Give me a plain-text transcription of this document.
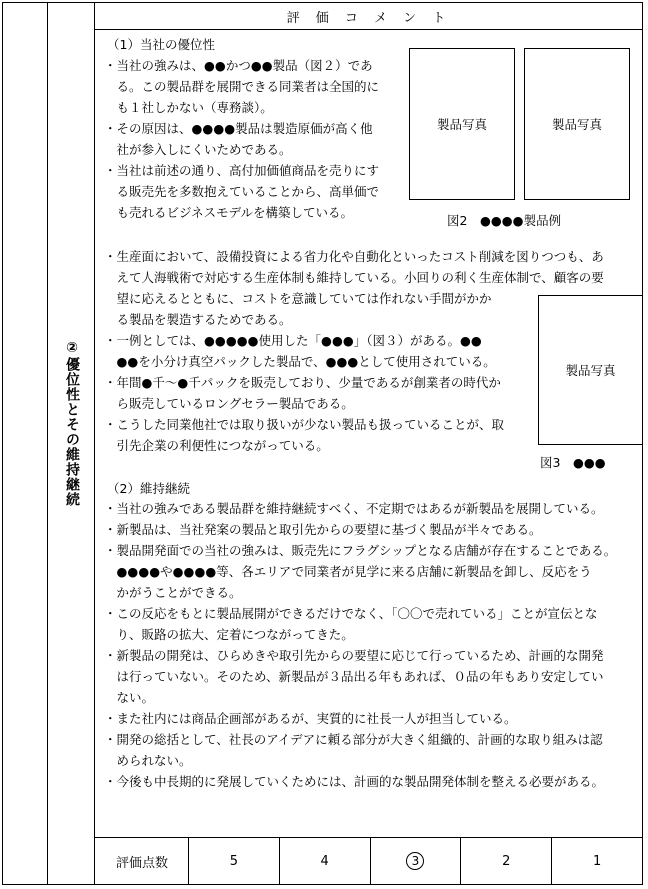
②優位性とその維持継続
評 価 コ メ ン ト
（1）当社の優位性
・当社の強みは、●●かつ●●製品（図２）であ
　る。この製品群を展開できる同業者は全国的に
　も１社しかない（専務談）。
・その原因は、●●●●製品は製造原価が高く他
　社が参入しにくいためである。
・当社は前述の通り、高付加価値商品を売りにす
　る販売先を多数抱えていることから、高単価で
　も売れるビジネスモデルを構築している。
製品写真	製品写真
図2　●●●●製品例
・生産面において、設備投資による省力化や自動化といったコスト削減を図りつつも、あ
　えて人海戦術で対応する生産体制も維持している。小回りの利く生産体制で、顧客の要
　望に応えるとともに、コストを意識していては作れない手間がかか
　る製品を製造するためである。
・一例としては、●●●●●使用した「●●●」（図３）がある。●●
　●●を小分け真空パックした製品で、●●●として使用されている。
・年間●千～●千パックを販売しており、少量であるが創業者の時代か
　ら販売しているロングセラー製品である。
・こうした同業他社では取り扱いが少ない製品も扱っていることが、取
　引先企業の利便性につながっている。
製品写真
図3　●●●
（2）維持継続
・当社の強みである製品群を維持継続すべく、不定期ではあるが新製品を展開している。
・新製品は、当社発案の製品と取引先からの要望に基づく製品が半々である。
・製品開発面での当社の強みは、販売先にフラグシップとなる店舗が存在することである。
　●●●●や●●●●等、各エリアで同業者が見学に来る店舗に新製品を卸し、反応をう
　かがうことができる。
・この反応をもとに製品展開ができるだけでなく、「〇〇で売れている」ことが宣伝とな
　り、販路の拡大、定着につながってきた。
・新製品の開発は、ひらめきや取引先からの要望に応じて行っているため、計画的な開発
　は行っていない。そのため、新製品が３品出る年もあれば、０品の年もあり安定してい
　ない。
・また社内には商品企画部があるが、実質的に社長一人が担当している。
・開発の総括として、社長のアイデアに頼る部分が大きく組織的、計画的な取り組みは認
　められない。
・今後も中長期的に発展していくためには、計画的な製品開発体制を整える必要がある。
評価点数	5	4	3	2	1
